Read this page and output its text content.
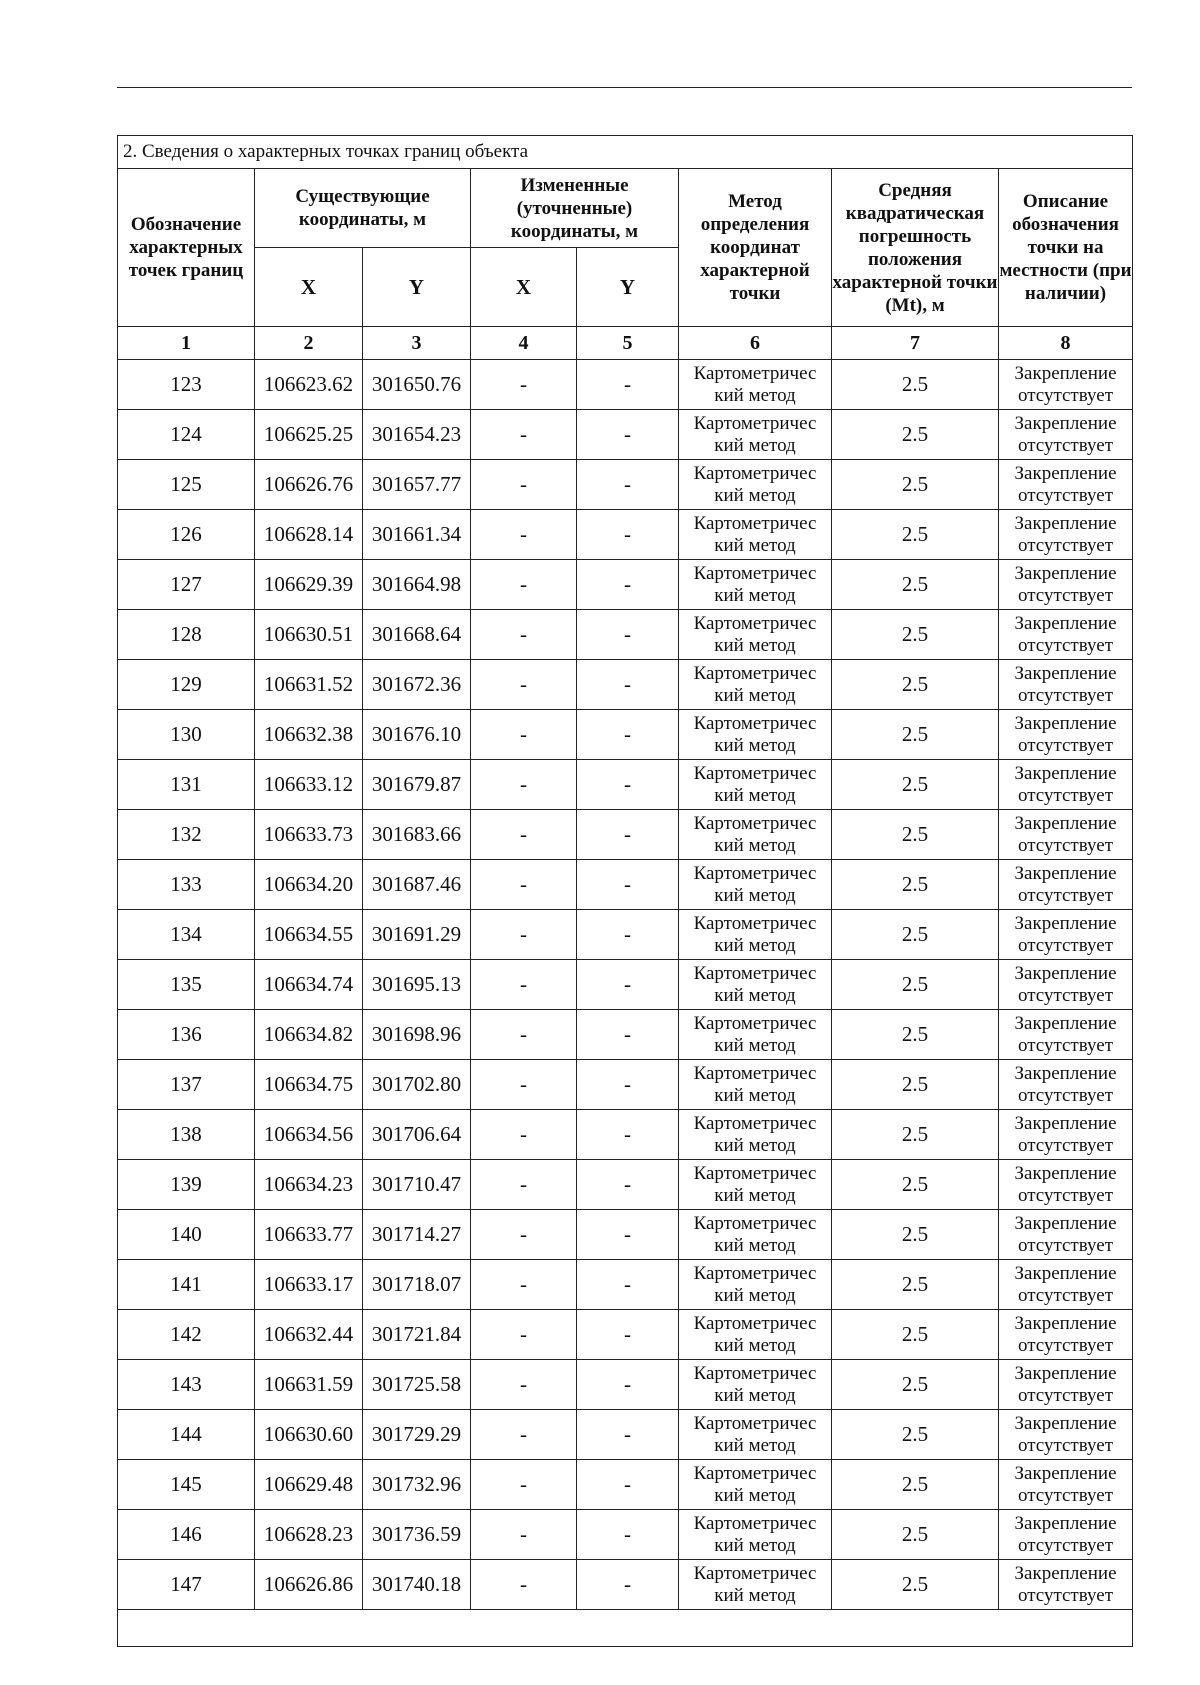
2. Сведения о характерных точках границ объекта							
Обозначение характерных точек границ	Существующие координаты, м		Измененные (уточненные) координаты, м		Метод определения координат характерной точки	Средняя квадратическая погрешность положения характерной точки (Mt), м	Описание обозначения точки на местности (при наличии)
	X	Y	X	Y			
1	2	3	4	5	6	7	8
123	106623.62	301650.76	-	-	Картометричес кий метод	2.5	Закрепление отсутствует
124	106625.25	301654.23	-	-	Картометричес кий метод	2.5	Закрепление отсутствует
125	106626.76	301657.77	-	-	Картометричес кий метод	2.5	Закрепление отсутствует
126	106628.14	301661.34	-	-	Картометричес кий метод	2.5	Закрепление отсутствует
127	106629.39	301664.98	-	-	Картометричес кий метод	2.5	Закрепление отсутствует
128	106630.51	301668.64	-	-	Картометричес кий метод	2.5	Закрепление отсутствует
129	106631.52	301672.36	-	-	Картометричес кий метод	2.5	Закрепление отсутствует
130	106632.38	301676.10	-	-	Картометричес кий метод	2.5	Закрепление отсутствует
131	106633.12	301679.87	-	-	Картометричес кий метод	2.5	Закрепление отсутствует
132	106633.73	301683.66	-	-	Картометричес кий метод	2.5	Закрепление отсутствует
133	106634.20	301687.46	-	-	Картометричес кий метод	2.5	Закрепление отсутствует
134	106634.55	301691.29	-	-	Картометричес кий метод	2.5	Закрепление отсутствует
135	106634.74	301695.13	-	-	Картометричес кий метод	2.5	Закрепление отсутствует
136	106634.82	301698.96	-	-	Картометричес кий метод	2.5	Закрепление отсутствует
137	106634.75	301702.80	-	-	Картометричес кий метод	2.5	Закрепление отсутствует
138	106634.56	301706.64	-	-	Картометричес кий метод	2.5	Закрепление отсутствует
139	106634.23	301710.47	-	-	Картометричес кий метод	2.5	Закрепление отсутствует
140	106633.77	301714.27	-	-	Картометричес кий метод	2.5	Закрепление отсутствует
141	106633.17	301718.07	-	-	Картометричес кий метод	2.5	Закрепление отсутствует
142	106632.44	301721.84	-	-	Картометричес кий метод	2.5	Закрепление отсутствует
143	106631.59	301725.58	-	-	Картометричес кий метод	2.5	Закрепление отсутствует
144	106630.60	301729.29	-	-	Картометричес кий метод	2.5	Закрепление отсутствует
145	106629.48	301732.96	-	-	Картометричес кий метод	2.5	Закрепление отсутствует
146	106628.23	301736.59	-	-	Картометричес кий метод	2.5	Закрепление отсутствует
147	106626.86	301740.18	-	-	Картометричес кий метод	2.5	Закрепление отсутствует
